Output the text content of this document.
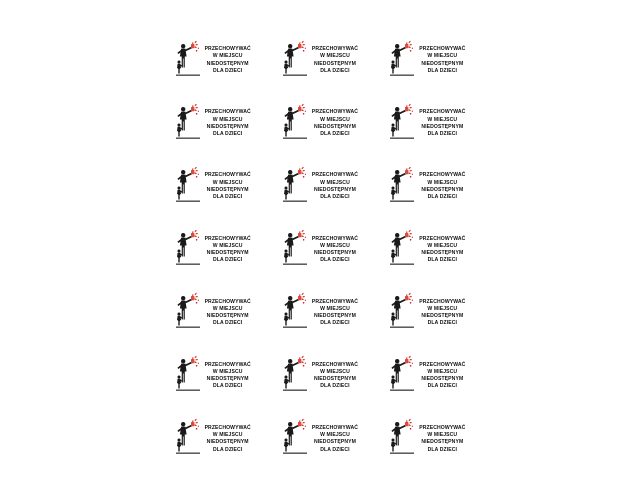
PRZECHOWYWAĆ
W MIEJSCU
NIEDOSTĘPNYM
DLA DZIECI
PRZECHOWYWAĆ
W MIEJSCU
NIEDOSTĘPNYM
DLA DZIECI
PRZECHOWYWAĆ
W MIEJSCU
NIEDOSTĘPNYM
DLA DZIECI
PRZECHOWYWAĆ
W MIEJSCU
NIEDOSTĘPNYM
DLA DZIECI
PRZECHOWYWAĆ
W MIEJSCU
NIEDOSTĘPNYM
DLA DZIECI
PRZECHOWYWAĆ
W MIEJSCU
NIEDOSTĘPNYM
DLA DZIECI
PRZECHOWYWAĆ
W MIEJSCU
NIEDOSTĘPNYM
DLA DZIECI
PRZECHOWYWAĆ
W MIEJSCU
NIEDOSTĘPNYM
DLA DZIECI
PRZECHOWYWAĆ
W MIEJSCU
NIEDOSTĘPNYM
DLA DZIECI
PRZECHOWYWAĆ
W MIEJSCU
NIEDOSTĘPNYM
DLA DZIECI
PRZECHOWYWAĆ
W MIEJSCU
NIEDOSTĘPNYM
DLA DZIECI
PRZECHOWYWAĆ
W MIEJSCU
NIEDOSTĘPNYM
DLA DZIECI
PRZECHOWYWAĆ
W MIEJSCU
NIEDOSTĘPNYM
DLA DZIECI
PRZECHOWYWAĆ
W MIEJSCU
NIEDOSTĘPNYM
DLA DZIECI
PRZECHOWYWAĆ
W MIEJSCU
NIEDOSTĘPNYM
DLA DZIECI
PRZECHOWYWAĆ
W MIEJSCU
NIEDOSTĘPNYM
DLA DZIECI
PRZECHOWYWAĆ
W MIEJSCU
NIEDOSTĘPNYM
DLA DZIECI
PRZECHOWYWAĆ
W MIEJSCU
NIEDOSTĘPNYM
DLA DZIECI
PRZECHOWYWAĆ
W MIEJSCU
NIEDOSTĘPNYM
DLA DZIECI
PRZECHOWYWAĆ
W MIEJSCU
NIEDOSTĘPNYM
DLA DZIECI
PRZECHOWYWAĆ
W MIEJSCU
NIEDOSTĘPNYM
DLA DZIECI
